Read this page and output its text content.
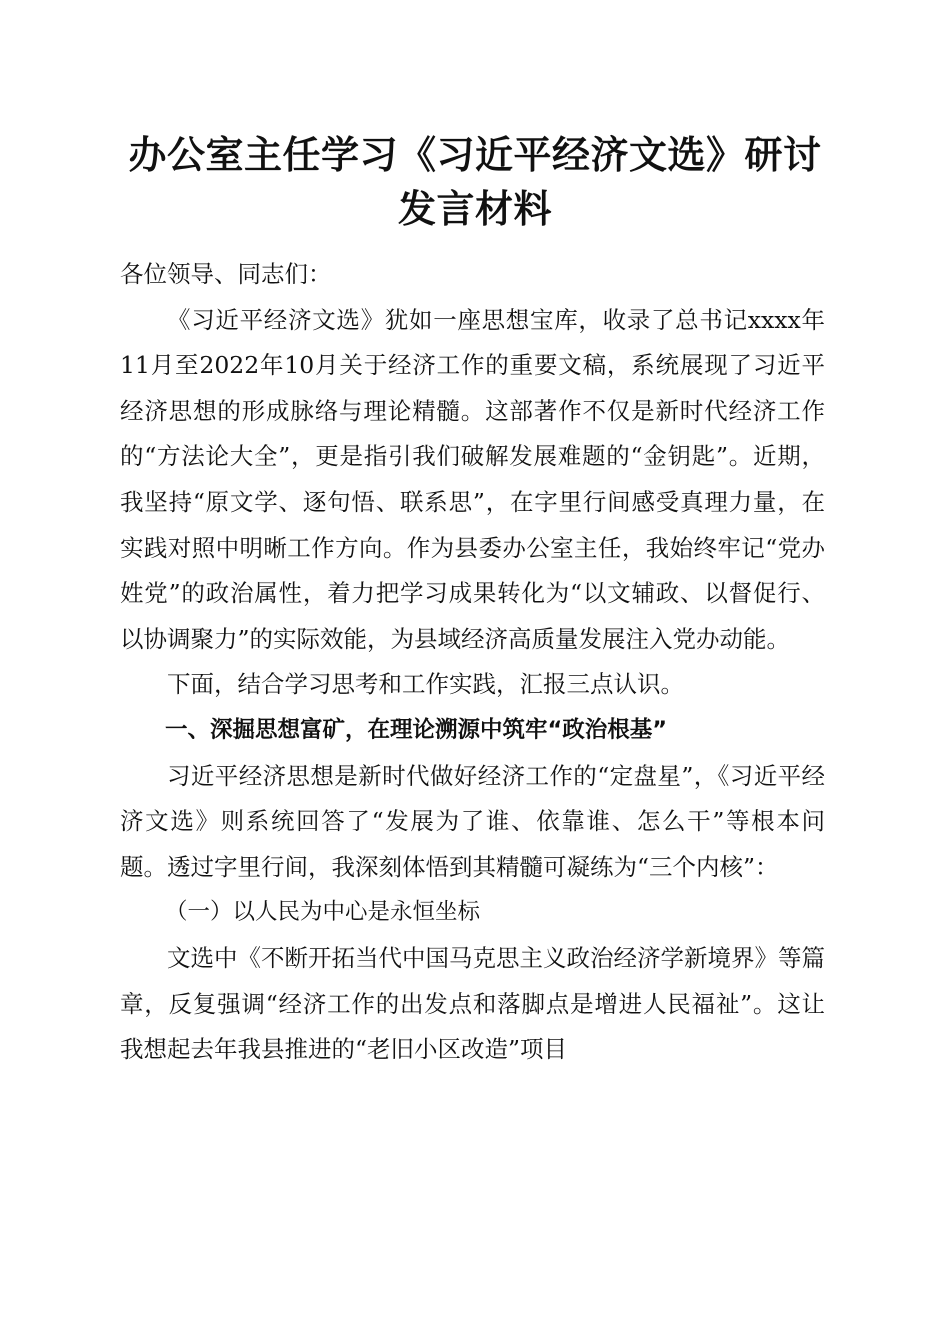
办公室主任学习《习近平经济文选》研讨发言材料

各位领导、同志们：

《习近平经济文选》犹如一座思想宝库，收录了总书记xxxx年11月至2022年10月关于经济工作的重要文稿，系统展现了习近平经济思想的形成脉络与理论精髓。这部著作不仅是新时代经济工作的“方法论大全”，更是指引我们破解发展难题的“金钥匙”。近期，我坚持“原文学、逐句悟、联系思”，在字里行间感受真理力量，在实践对照中明晰工作方向。作为县委办公室主任，我始终牢记“党办姓党”的政治属性，着力把学习成果转化为“以文辅政、以督促行、以协调聚力”的实际效能，为县域经济高质量发展注入党办动能。

下面，结合学习思考和工作实践，汇报三点认识。

一、深掘思想富矿，在理论溯源中筑牢“政治根基”

习近平经济思想是新时代做好经济工作的“定盘星”，《习近平经济文选》则系统回答了“发展为了谁、依靠谁、怎么干”等根本问题。透过字里行间，我深刻体悟到其精髓可凝练为“三个内核”：

（一）以人民为中心是永恒坐标

文选中《不断开拓当代中国马克思主义政治经济学新境界》等篇章，反复强调“经济工作的出发点和落脚点是增进人民福祉”。这让我想起去年我县推进的“老旧小区改造”项目
